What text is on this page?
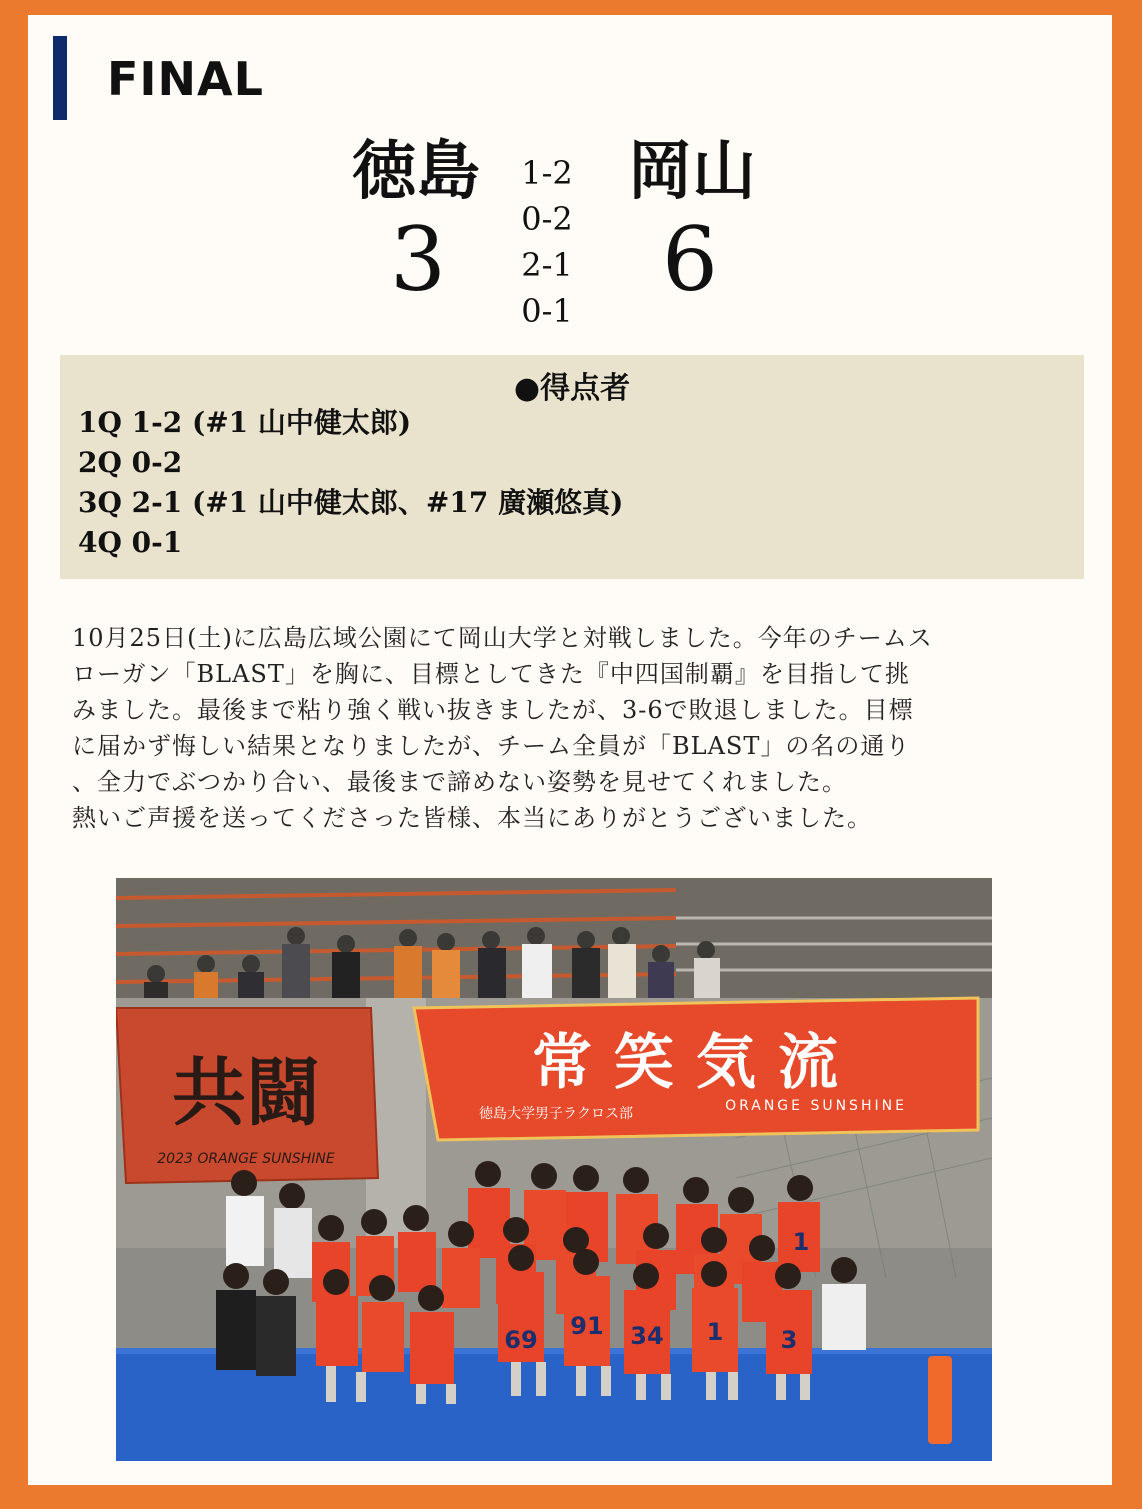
FINAL
徳島 岡山
3	6
1-2
0-2
2-1
0-1
●得点者
1Q 1-2 (#1 山中健太郎)
2Q 0-2
3Q 2-1 (#1 山中健太郎、#17 廣瀬悠真)
4Q 0-1
10月25日(土)に広島広域公園にて岡山大学と対戦しました。今年のチームス
ローガン「BLAST」を胸に、目標としてきた『中四国制覇』を目指して挑
みました。最後まで粘り強く戦い抜きましたが、3-6で敗退しました。目標
に届かず悔しい結果となりましたが、チーム全員が「BLAST」の名の通り
、全力でぶつかり合い、最後まで諦めない姿勢を見せてくれました。
熱いご声援を送ってくださった皆様、本当にありがとうございました。
共闘
2023 ORANGE SUNSHINE
常笑気流
徳島大学男子ラクロス部	ORANGE SUNSHINE
69 91 34 1 3
1
